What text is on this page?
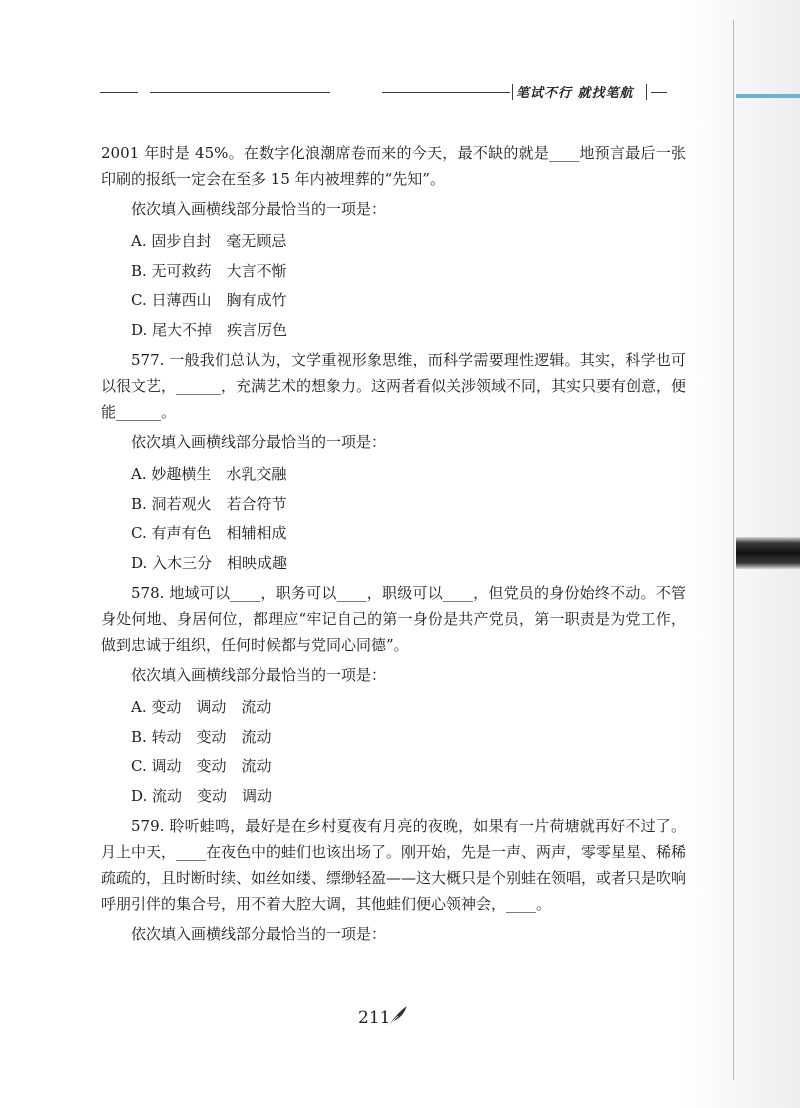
笔试不行 就找笔航

2001 年时是 45%。在数字化浪潮席卷而来的今天，最不缺的就是____地预言最后一张印刷的报纸一定会在至多 15 年内被埋葬的“先知”。

依次填入画横线部分最恰当的一项是：

A. 固步自封　毫无顾忌
B. 无可救药　大言不惭
C. 日薄西山　胸有成竹
D. 尾大不掉　疾言厉色

577. 一般我们总认为，文学重视形象思维，而科学需要理性逻辑。其实，科学也可以很文艺，______，充满艺术的想象力。这两者看似关涉领域不同，其实只要有创意，便能______。

依次填入画横线部分最恰当的一项是：

A. 妙趣横生　水乳交融
B. 洞若观火　若合符节
C. 有声有色　相辅相成
D. 入木三分　相映成趣

578. 地域可以____，职务可以____，职级可以____，但党员的身份始终不动。不管身处何地、身居何位，都理应“牢记自己的第一身份是共产党员，第一职责是为党工作，做到忠诚于组织，任何时候都与党同心同德”。

依次填入画横线部分最恰当的一项是：

A. 变动　调动　流动
B. 转动　变动　流动
C. 调动　变动　流动
D. 流动　变动　调动

579. 聆听蛙鸣，最好是在乡村夏夜有月亮的夜晚，如果有一片荷塘就再好不过了。月上中天，____在夜色中的蛙们也该出场了。刚开始，先是一声、两声，零零星星、稀稀疏疏的，且时断时续、如丝如缕、缥缈轻盈——这大概只是个别蛙在领唱，或者只是吹响呼朋引伴的集合号，用不着大腔大调，其他蛙们便心领神会，____。

依次填入画横线部分最恰当的一项是：

211
